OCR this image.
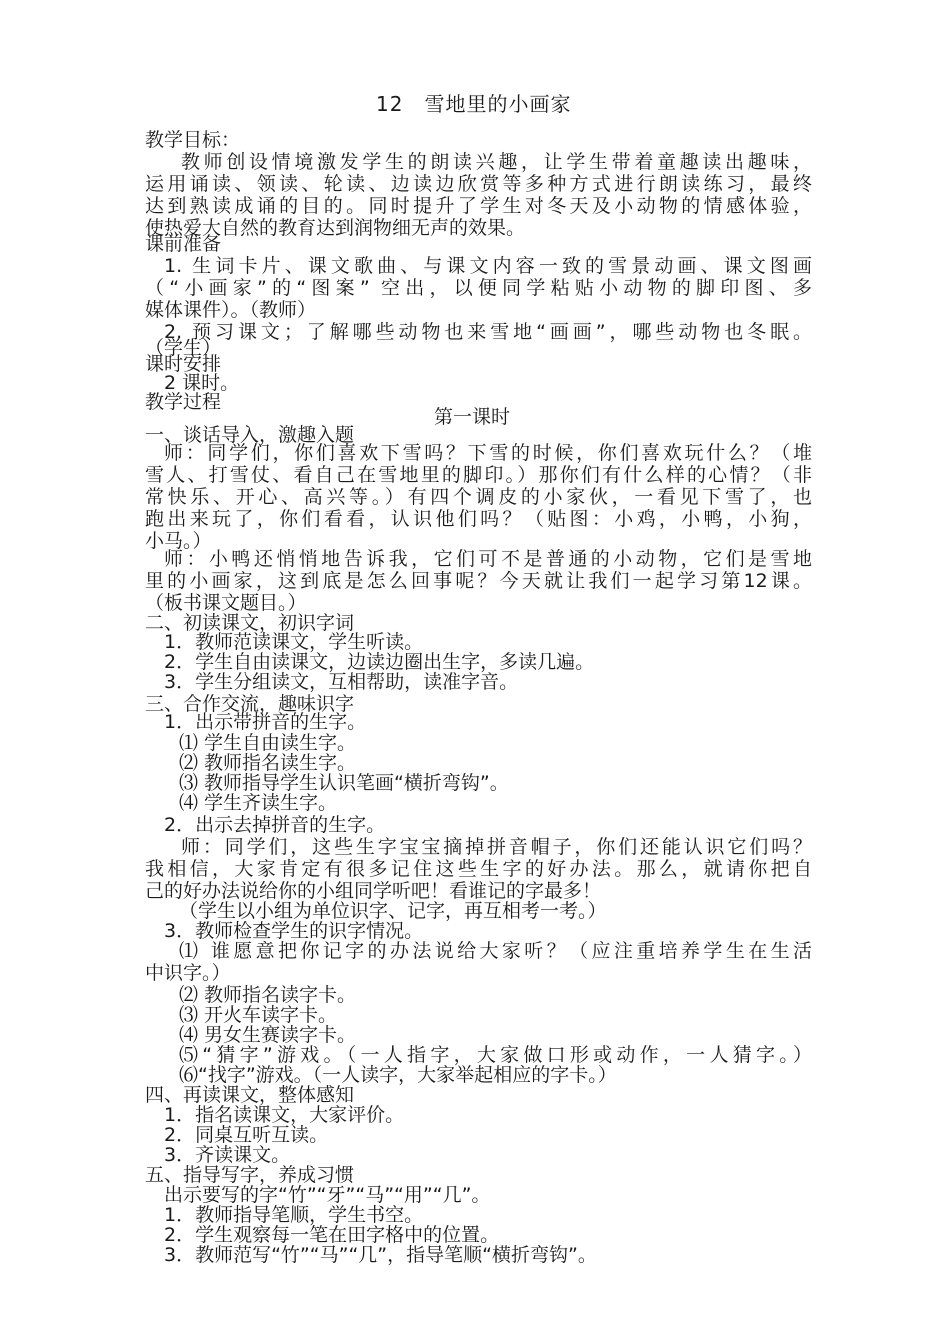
12　雪地里的小画家
教学目标：
教师创设情境激发学生的朗读兴趣，让学生带着童趣读出趣味，
运用诵读、领读、轮读、边读边欣赏等多种方式进行朗读练习，最终
达到熟读成诵的目的。同时提升了学生对冬天及小动物的情感体验，
使热爱大自然的教育达到润物细无声的效果。
课前准备
1. 生词卡片、课文歌曲、与课文内容一致的雪景动画、课文图画
（“小画家”的“图案” 空出，以便同学粘贴小动物的脚印图、多
媒体课件）。（教师）
2. 预习课文；了解哪些动物也来雪地“画画”，哪些动物也冬眠。
（学生）
课时安排
2 课时。
教学过程
第一课时
一、谈话导入，激趣入题
师：同学们，你们喜欢下雪吗？下雪的时候，你们喜欢玩什么？（堆
雪人、打雪仗、看自己在雪地里的脚印。）那你们有什么样的心情？（非
常快乐、开心、高兴等。）有四个调皮的小家伙，一看见下雪了，也
跑出来玩了，你们看看，认识他们吗？（贴图：小鸡，小鸭，小狗，
小马。）
师：小鸭还悄悄地告诉我，它们可不是普通的小动物，它们是雪地
里的小画家，这到底是怎么回事呢？今天就让我们一起学习第12课。
（板书课文题目。）
二、初读课文，初识字词
1．教师范读课文，学生听读。
2．学生自由读课文，边读边圈出生字，多读几遍。
3．学生分组读文，互相帮助，读准字音。
三、合作交流，趣味识字
1．出示带拼音的生字。
⑴ 学生自由读生字。
⑵ 教师指名读生字。
⑶ 教师指导学生认识笔画“横折弯钩”。
⑷ 学生齐读生字。
2．出示去掉拼音的生字。
师：同学们，这些生字宝宝摘掉拼音帽子，你们还能认识它们吗？
我相信，大家肯定有很多记住这些生字的好办法。那么，就请你把自
己的好办法说给你的小组同学听吧！看谁记的字最多！
（学生以小组为单位识字、记字，再互相考一考。）
3．教师检查学生的识字情况。
⑴ 谁愿意把你记字的办法说给大家听？（应注重培养学生在生活
中识字。）
⑵ 教师指名读字卡。
⑶ 开火车读字卡。
⑷ 男女生赛读字卡。
⑸“猜字”游戏。（一人指字，大家做口形或动作，一人猜字。）
⑹“找字”游戏。（一人读字，大家举起相应的字卡。）
四、再读课文，整体感知
1．指名读课文，大家评价。
2．同桌互听互读。
3．齐读课文。
五、指导写字，养成习惯
出示要写的字“竹”“牙”“马”“用”“几”。
1．教师指导笔顺，学生书空。
2．学生观察每一笔在田字格中的位置。
3．教师范写“竹”“马”“几”，指导笔顺“横折弯钩”。
